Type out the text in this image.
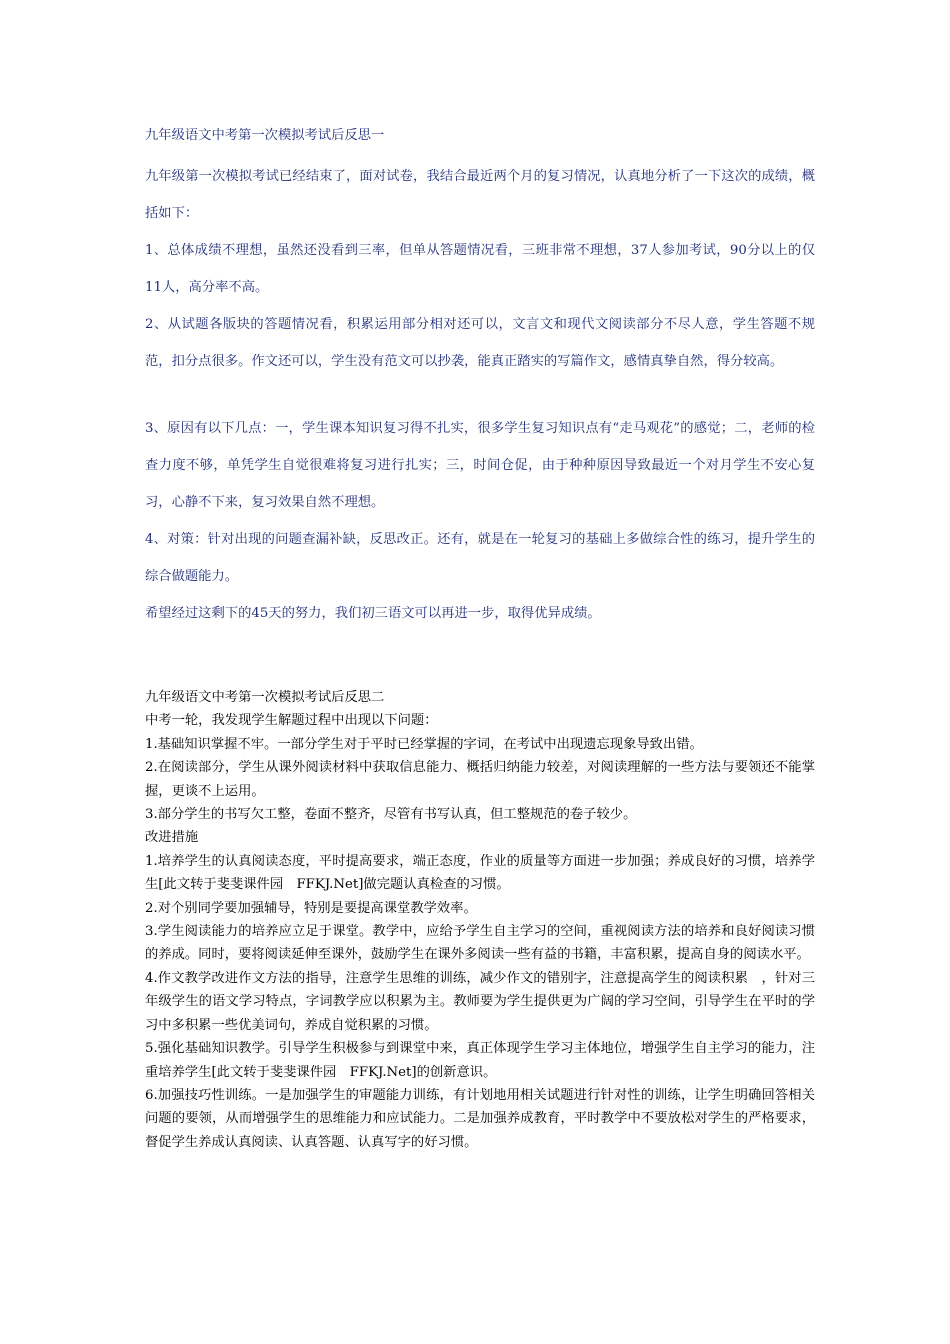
九年级语文中考第一次模拟考试后反思一

九年级第一次模拟考试已经结束了，面对试卷，我结合最近两个月的复习情况，认真地分析了一下这次的成绩，概括如下：

1、总体成绩不理想，虽然还没看到三率，但单从答题情况看，三班非常不理想，37人参加考试，90分以上的仅11人，高分率不高。

2、从试题各版块的答题情况看，积累运用部分相对还可以，文言文和现代文阅读部分不尽人意，学生答题不规范，扣分点很多。作文还可以，学生没有范文可以抄袭，能真正踏实的写篇作文，感情真挚自然，得分较高。

3、原因有以下几点：一，学生课本知识复习得不扎实，很多学生复习知识点有“走马观花”的感觉；二，老师的检查力度不够，单凭学生自觉很难将复习进行扎实；三，时间仓促，由于种种原因导致最近一个对月学生不安心复习，心静不下来，复习效果自然不理想。

4、对策：针对出现的问题查漏补缺，反思改正。还有，就是在一轮复习的基础上多做综合性的练习，提升学生的综合做题能力。

希望经过这剩下的45天的努力，我们初三语文可以再进一步，取得优异成绩。

九年级语文中考第一次模拟考试后反思二

中考一轮，我发现学生解题过程中出现以下问题：

1.基础知识掌握不牢。一部分学生对于平时已经掌握的字词，在考试中出现遗忘现象导致出错。

2.在阅读部分，学生从课外阅读材料中获取信息能力、概括归纳能力较差，对阅读理解的一些方法与要领还不能掌握，更谈不上运用。

3.部分学生的书写欠工整，卷面不整齐，尽管有书写认真，但工整规范的卷子较少。

改进措施

1.培养学生的认真阅读态度，平时提高要求，端正态度，作业的质量等方面进一步加强；养成良好的习惯，培养学生[此文转于斐斐课件园　FFKJ.Net]做完题认真检查的习惯。

2.对个别同学要加强辅导，特别是要提高课堂教学效率。

3.学生阅读能力的培养应立足于课堂。教学中，应给予学生自主学习的空间，重视阅读方法的培养和良好阅读习惯的养成。同时，要将阅读延伸至课外，鼓励学生在课外多阅读一些有益的书籍，丰富积累，提高自身的阅读水平。

4.作文教学改进作文方法的指导，注意学生思维的训练，减少作文的错别字，注意提高学生的阅读积累　，针对三年级学生的语文学习特点，字词教学应以积累为主。教师要为学生提供更为广阔的学习空间，引导学生在平时的学习中多积累一些优美词句，养成自觉积累的习惯。

5.强化基础知识教学。引导学生积极参与到课堂中来，真正体现学生学习主体地位，增强学生自主学习的能力，注重培养学生[此文转于斐斐课件园　FFKJ.Net]的创新意识。

6.加强技巧性训练。一是加强学生的审题能力训练，有计划地用相关试题进行针对性的训练，让学生明确回答相关问题的要领，从而增强学生的思维能力和应试能力。二是加强养成教育，平时教学中不要放松对学生的严格要求，督促学生养成认真阅读、认真答题、认真写字的好习惯。
